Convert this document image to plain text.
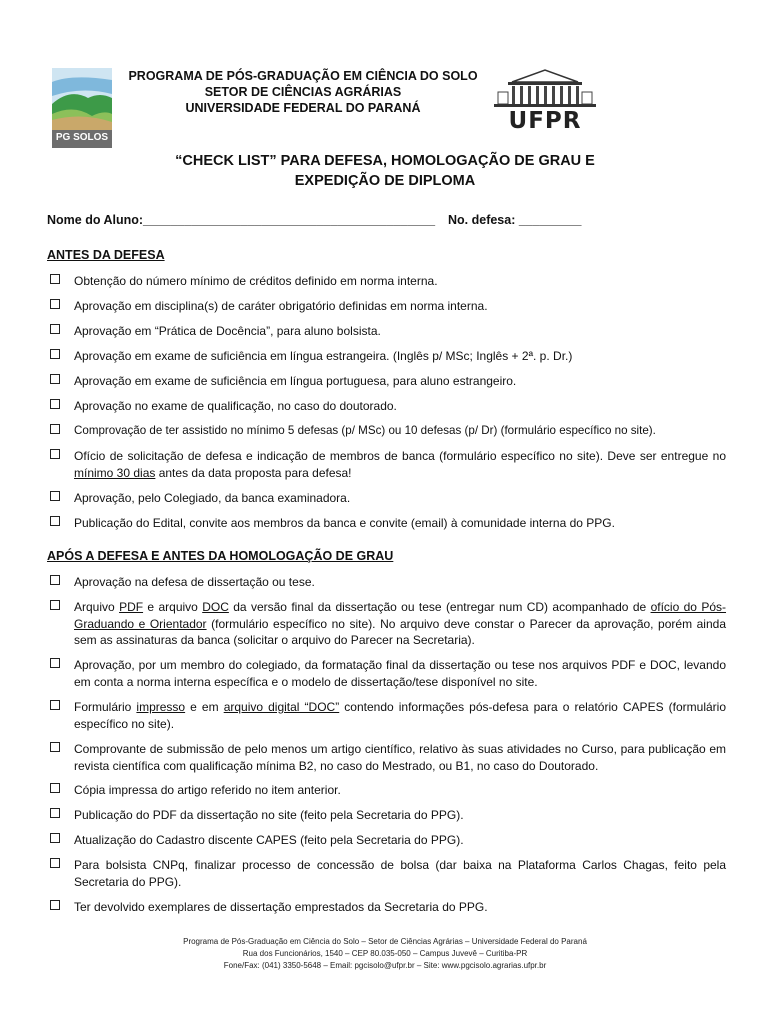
PG SOLOS
PROGRAMA DE PÓS-GRADUAÇÃO EM CIÊNCIA DO SOLO
SETOR DE CIÊNCIAS AGRÁRIAS
UNIVERSIDADE FEDERAL DO PARANÁ	UFPR
“CHECK LIST” PARA DEFESA, HOMOLOGAÇÃO DE GRAU E
EXPEDIÇÃO DE DIPLOMA
Nome do Aluno:__________________________________________ No. defesa: _________
ANTES DA DEFESA
Obtenção do número mínimo de créditos definido em norma interna.
Aprovação em disciplina(s) de caráter obrigatório definidas em norma interna.
Aprovação em “Prática de Docência”, para aluno bolsista.
Aprovação em exame de suficiência em língua estrangeira. (Inglês p/ MSc; Inglês + 2ª. p. Dr.)
Aprovação em exame de suficiência em língua portuguesa, para aluno estrangeiro.
Aprovação no exame de qualificação, no caso do doutorado.
Comprovação de ter assistido no mínimo 5 defesas (p/ MSc) ou 10 defesas (p/ Dr) (formulário específico no site).
Ofício de solicitação de defesa e indicação de membros de banca (formulário específico no site). Deve ser entregue no mínimo 30 dias antes da data proposta para defesa!
Aprovação, pelo Colegiado, da banca examinadora.
Publicação do Edital, convite aos membros da banca e convite (email) à comunidade interna do PPG.
APÓS A DEFESA E ANTES DA HOMOLOGAÇÃO DE GRAU
Aprovação na defesa de dissertação ou tese.
Arquivo PDF e arquivo DOC da versão final da dissertação ou tese (entregar num CD) acompanhado de ofício do Pós-Graduando e Orientador (formulário específico no site). No arquivo deve constar o Parecer da aprovação, porém ainda sem as assinaturas da banca (solicitar o arquivo do Parecer na Secretaria).
Aprovação, por um membro do colegiado, da formatação final da dissertação ou tese nos arquivos PDF e DOC, levando em conta a norma interna específica e o modelo de dissertação/tese disponível no site.
Formulário impresso e em arquivo digital “DOC” contendo informações pós-defesa para o relatório CAPES (formulário específico no site).
Comprovante de submissão de pelo menos um artigo científico, relativo às suas atividades no Curso, para publicação em revista científica com qualificação mínima B2, no caso do Mestrado, ou B1, no caso do Doutorado.
Cópia impressa do artigo referido no item anterior.
Publicação do PDF da dissertação no site (feito pela Secretaria do PPG).
Atualização do Cadastro discente CAPES (feito pela Secretaria do PPG).
Para bolsista CNPq, finalizar processo de concessão de bolsa (dar baixa na Plataforma Carlos Chagas, feito pela Secretaria do PPG).
Ter devolvido exemplares de dissertação emprestados da Secretaria do PPG.
Programa de Pós-Graduação em Ciência do Solo – Setor de Ciências Agrárias – Universidade Federal do Paraná
Rua dos Funcionários, 1540 – CEP 80.035-050 – Campus Juvevê – Curitiba-PR
Fone/Fax: (041) 3350-5648 – Email: pgcisolo@ufpr.br – Site: www.pgcisolo.agrarias.ufpr.br
